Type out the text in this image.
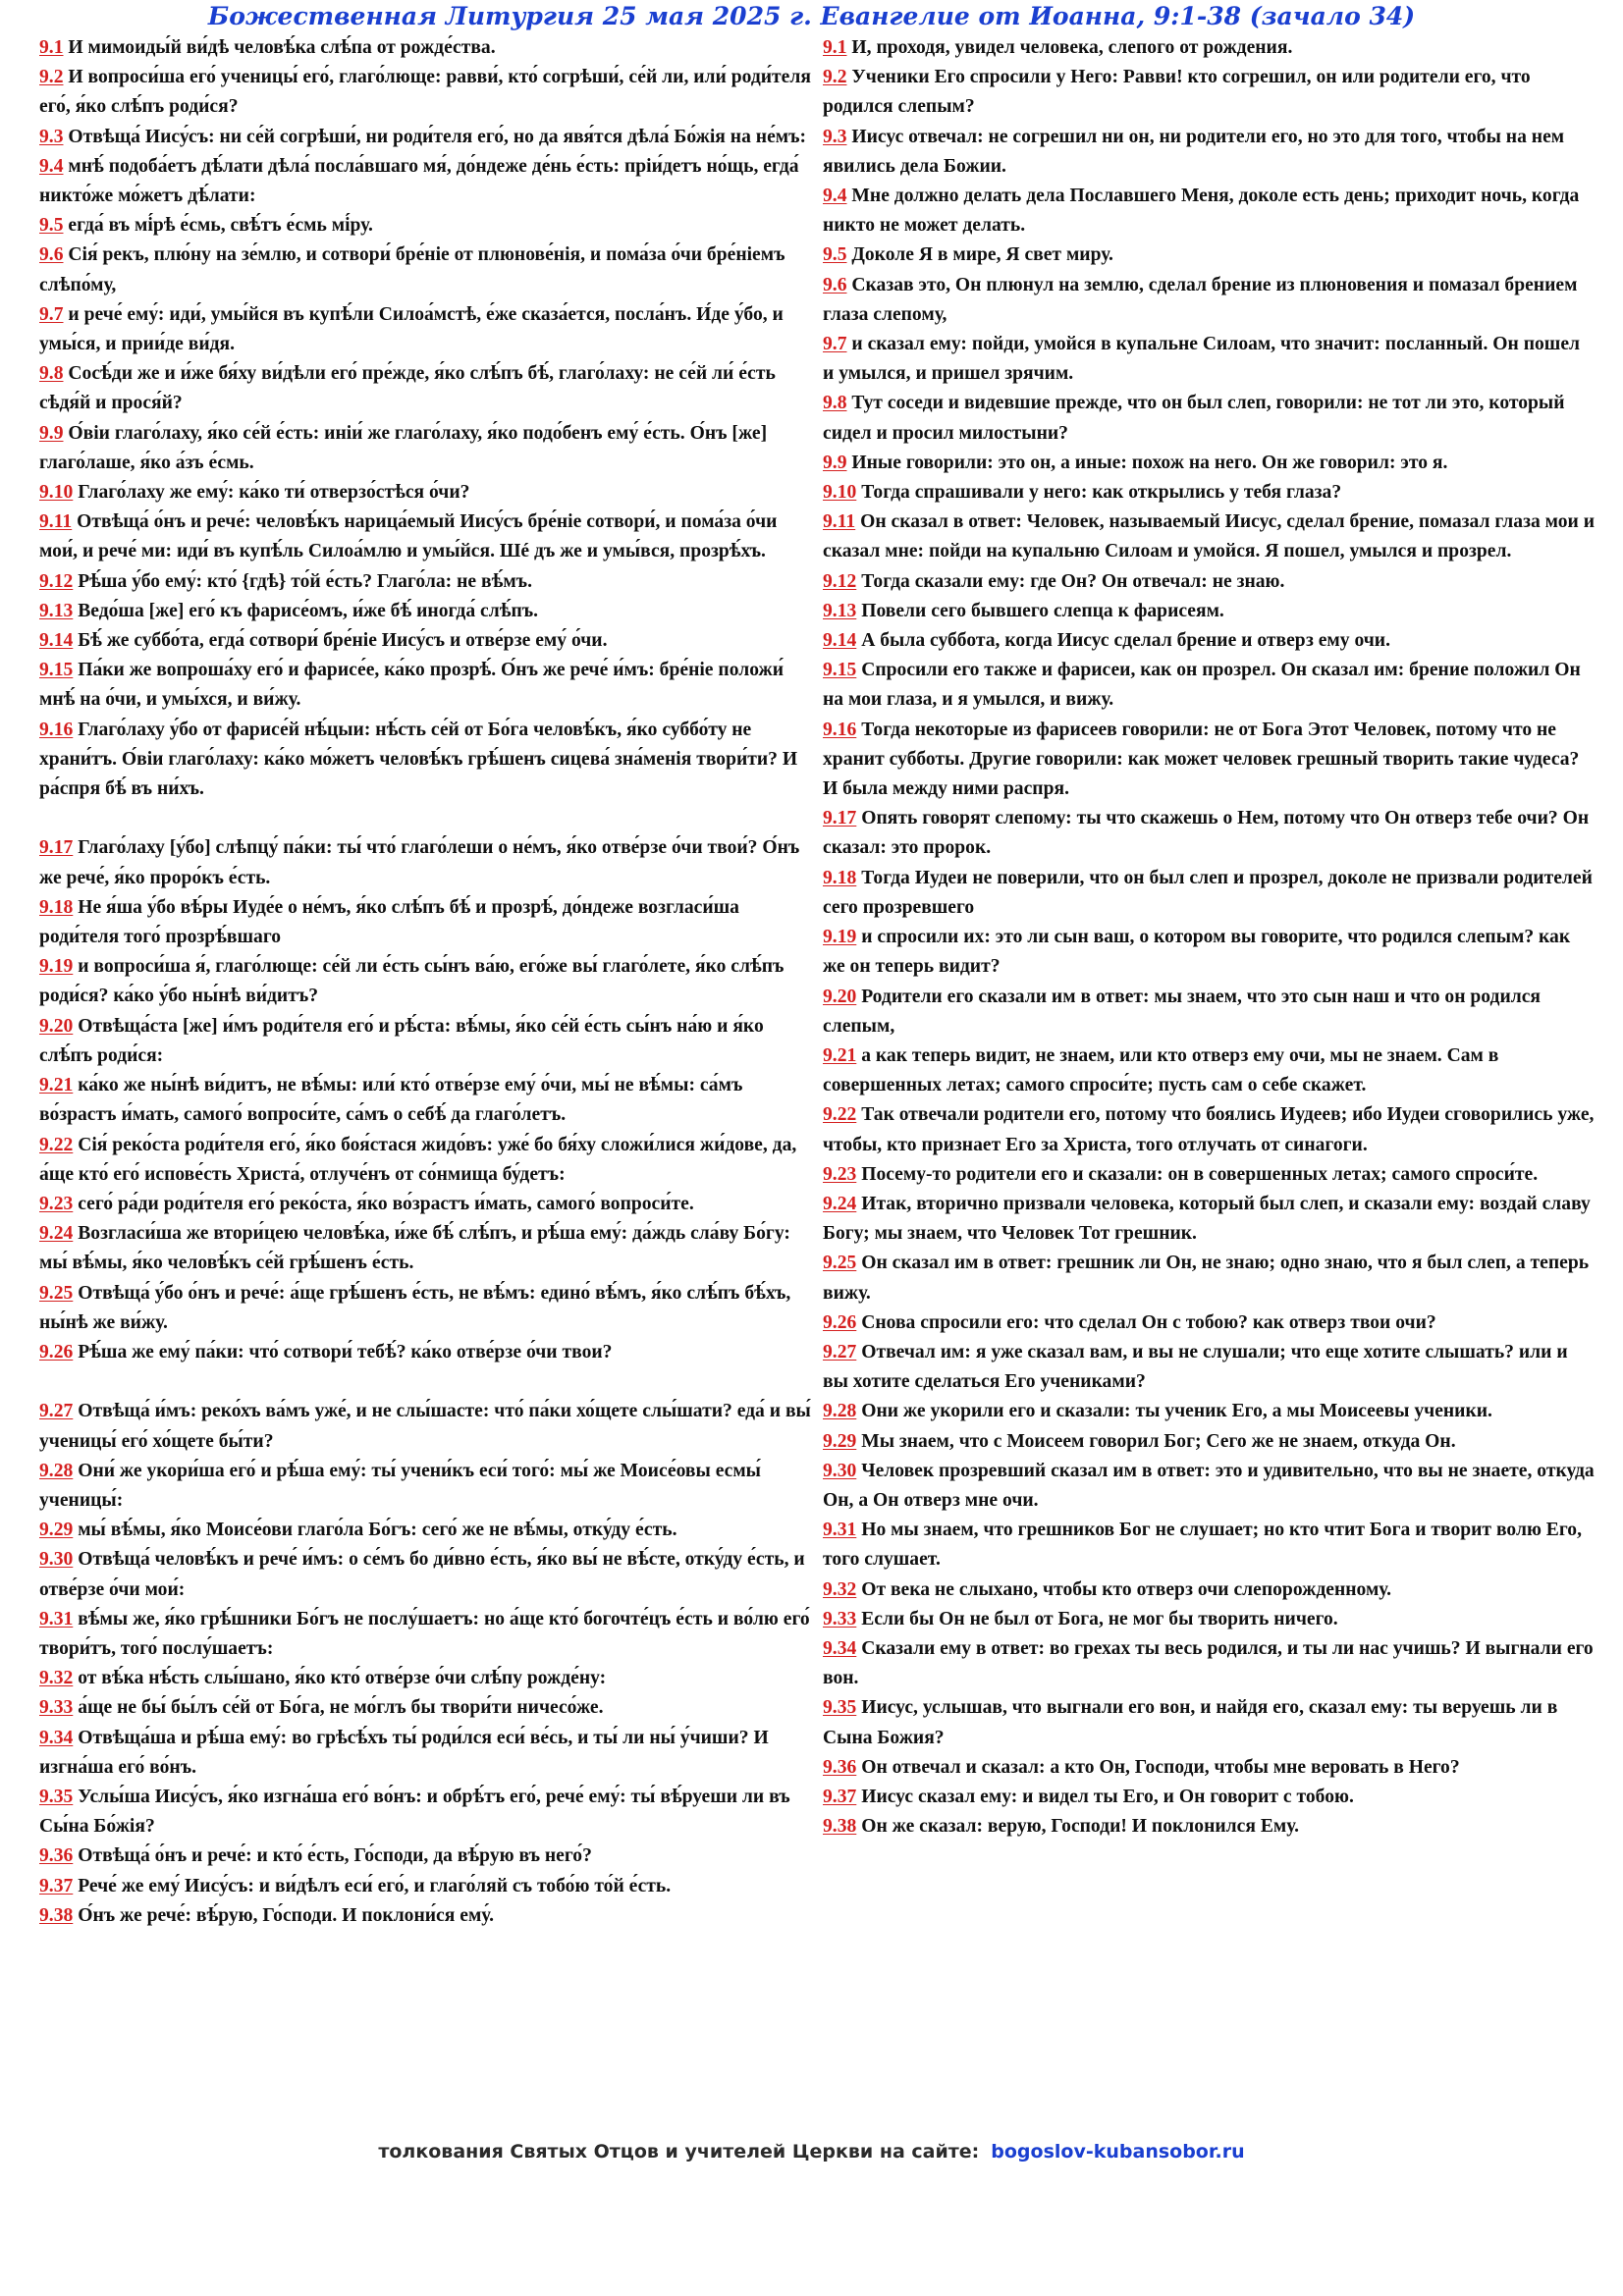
Божественная Литургия 25 мая 2025 г. Евангелие от Иоанна, 9:1-38 (зачало 34)

9.1 И мимоиды́й ви́дѣ человѣ́ка слѣ́па от рожде́ства.

9.2 И вопроси́ша его́ ученицы́ его́, глаго́люще: равви́, кто́ согрѣши́, се́й ли, или́ роди́теля его́, я́ко слѣ́пъ роди́ся?

9.3 Отвѣща́ Иису́съ: ни се́й согрѣши́, ни роди́теля его́, но да явя́тся дѣла́ Бо́жія на не́мъ:

9.4 мнѣ́ подоба́етъ дѣ́лати дѣла́ посла́вшаго мя́, до́ндеже де́нь е́сть: пріи́детъ но́щь, егда́ никто́же мо́жетъ дѣ́лати:

9.5 егда́ въ мі́рѣ е́смь, свѣ́тъ е́смь мі́ру.

9.6 Сія́ рекъ, плю́ну на зе́млю, и сотвори́ бре́ніе от плюнове́нія, и пома́за о́чи бре́ніемъ слѣпо́му,

9.7 и рече́ ему́: иди́, умы́йся въ купѣ́ли Силоа́мстѣ, е́же сказа́ется, посла́нъ. И́де у́бо, и умы́ся, и прии́де ви́дя.

9.8 Сосѣ́ди же и и́же бя́ху ви́дѣли его́ пре́жде, я́ко слѣ́пъ бѣ́, глаго́лаху: не се́й ли́ е́сть сѣдя́й и прося́й?

9.9 О́віи глаго́лаху, я́ко се́й е́сть: иніи́ же глаго́лаху, я́ко подо́бенъ ему́ е́сть. О́нъ [же] глаго́лаше, я́ко а́зъ е́смь.

9.10 Глаго́лаху же ему́: ка́ко ти́ отверзо́стѣся о́чи?

9.11 Отвѣща́ о́нъ и рече́: человѣ́къ нарица́емый Иису́съ бре́ніе сотвори́, и пома́за о́чи мои́, и рече́ ми: иди́ въ купѣ́ль Силоа́млю и умы́йся. Шé дъ же и умы́вся, прозрѣ́хъ.

9.12 Рѣ́ша у́бо ему́: кто́ {гдѣ} то́й е́сть? Глаго́ла: не вѣ́мъ.

9.13 Ведо́ша [же] его́ къ фарисе́омъ, и́же бѣ́ иногда́ слѣ́пъ.

9.14 Бѣ́ же суббо́та, егда́ сотвори́ бре́ніе Иису́съ и отве́рзе ему́ о́чи.

9.15 Па́ки же вопроша́ху его́ и фарисе́е, ка́ко прозрѣ́. О́нъ же рече́ и́мъ: бре́ніе положи́ мнѣ́ на о́чи, и умы́хся, и ви́жу.

9.16 Глаго́лаху у́бо от фарисе́й нѣ́цыи: нѣ́сть се́й от Бо́га человѣ́къ, я́ко суббо́ту не храни́тъ. О́віи глаго́лаху: ка́ко мо́жетъ человѣ́къ грѣ́шенъ сицева́ зна́менія твори́ти? И ра́спря бѣ́ въ ни́хъ.

9.17 Глаго́лаху [у́бо] слѣпцу́ па́ки: ты́ что́ глаго́леши о не́мъ, я́ко отве́рзе о́чи твои́? О́нъ же рече́, я́ко проро́къ е́сть.

9.18 Не я́ша у́бо вѣ́ры Иуде́е о не́мъ, я́ко слѣ́пъ бѣ́ и прозрѣ́, до́ндеже возгласи́ша роди́теля того́ прозрѣ́вшаго

9.19 и вопроси́ша я́, глаго́люще: се́й ли е́сть сы́нъ ва́ю, его́же вы́ глаго́лете, я́ко слѣ́пъ роди́ся? ка́ко у́бо ны́нѣ ви́дитъ?

9.20 Отвѣща́ста [же] и́мъ роди́теля его́ и рѣ́ста: вѣ́мы, я́ко се́й е́сть сы́нъ на́ю и я́ко слѣ́пъ роди́ся:

9.21 ка́ко же ны́нѣ ви́дитъ, не вѣ́мы: или́ кто́ отве́рзе ему́ о́чи, мы́ не вѣ́мы: са́мъ во́зрастъ и́мать, самого́ вопроси́те, са́мъ о себѣ́ да глаго́летъ.

9.22 Сія́ реко́ста роди́теля его́, я́ко боя́стася жидо́въ: уже́ бо бя́ху сложи́лися жи́дове, да, а́ще кто́ его́ испове́сть Христа́, отлуче́нъ от со́нмища бу́детъ:

9.23 сего́ ра́ди роди́теля его́ реко́ста, я́ко во́зрастъ и́мать, самого́ вопроси́те.

9.24 Возгласи́ша же втори́цею человѣ́ка, и́же бѣ́ слѣ́пъ, и рѣ́ша ему́: да́ждь сла́ву Бо́гу: мы́ вѣ́мы, я́ко человѣ́къ се́й грѣ́шенъ е́сть.

9.25 Отвѣща́ у́бо о́нъ и рече́: а́ще грѣ́шенъ е́сть, не вѣ́мъ: едино́ вѣ́мъ, я́ко слѣ́пъ бѣ́хъ, ны́нѣ же ви́жу.

9.26 Рѣ́ша же ему́ па́ки: что́ сотвори́ тебѣ́? ка́ко отве́рзе о́чи твои?

9.27 Отвѣща́ и́мъ: реко́хъ ва́мъ уже́, и не слы́шасте: что́ па́ки хо́щете слы́шати? еда́ и вы́ ученицы́ его́ хо́щете бы́ти?

9.28 Они́ же укори́ша его́ и рѣ́ша ему́: ты́ учени́къ еси́ того́: мы́ же Моисе́овы есмы́ ученицы́:

9.29 мы́ вѣ́мы, я́ко Моисе́ови глаго́ла Бо́гъ: сего́ же не вѣ́мы, отку́ду е́сть.

9.30 Отвѣща́ человѣ́къ и рече́ и́мъ: о се́мъ бо ди́вно е́сть, я́ко вы́ не вѣ́сте, отку́ду е́сть, и отве́рзе о́чи мои́:

9.31 вѣ́мы же, я́ко грѣ́шники Бо́гъ не послу́шаетъ: но а́ще кто́ богочте́цъ е́сть и во́лю его́ твори́тъ, того́ послу́шаетъ:

9.32 от вѣ́ка нѣ́сть слы́шано, я́ко кто́ отве́рзе о́чи слѣ́пу рожде́ну:

9.33 а́ще не бы́ бы́лъ се́й от Бо́га, не мо́глъ бы твори́ти ничесо́же.

9.34 Отвѣща́ша и рѣ́ша ему́: во грѣсѣ́хъ ты́ роди́лся еси́ ве́сь, и ты́ ли ны́ у́чиши? И изгна́ша его́ во́нъ.

9.35 Услы́ша Иису́съ, я́ко изгна́ша его́ во́нъ: и обрѣ́тъ его́, рече́ ему́: ты́ вѣ́руеши ли въ Сы́на Бо́жія?

9.36 Отвѣща́ о́нъ и рече́: и кто́ е́сть, Го́споди, да вѣ́рую въ него́?

9.37 Рече́ же ему́ Иису́съ: и ви́дѣлъ еси́ его́, и глаго́ляй съ тобо́ю то́й е́сть.

9.38 О́нъ же рече́: вѣ́рую, Го́споди. И поклони́ся ему́.

9.1 И, проходя, увидел человека, слепого от рождения.

9.2 Ученики Его спросили у Него: Равви! кто согрешил, он или родители его, что родился слепым?

9.3 Иисус отвечал: не согрешил ни он, ни родители его, но это для того, чтобы на нем явились дела Божии.

9.4 Мне должно делать дела Пославшего Меня, доколе есть день; приходит ночь, когда никто не может делать.

9.5 Доколе Я в мире, Я свет миру.

9.6 Сказав это, Он плюнул на землю, сделал брение из плюновения и помазал брением глаза слепому,

9.7 и сказал ему: пойди, умойся в купальне Силоам, что значит: посланный. Он пошел и умылся, и пришел зрячим.

9.8 Тут соседи и видевшие прежде, что он был слеп, говорили: не тот ли это, который сидел и просил милостыни?

9.9 Иные говорили: это он, а иные: похож на него. Он же говорил: это я.

9.10 Тогда спрашивали у него: как открылись у тебя глаза?

9.11 Он сказал в ответ: Человек, называемый Иисус, сделал брение, помазал глаза мои и сказал мне: пойди на купальню Силоам и умойся. Я пошел, умылся и прозрел.

9.12 Тогда сказали ему: где Он? Он отвечал: не знаю.

9.13 Повели сего бывшего слепца к фарисеям.

9.14 А была суббота, когда Иисус сделал брение и отверз ему очи.

9.15 Спросили его также и фарисеи, как он прозрел. Он сказал им: брение положил Он на мои глаза, и я умылся, и вижу.

9.16 Тогда некоторые из фарисеев говорили: не от Бога Этот Человек, потому что не хранит субботы. Другие говорили: как может человек грешный творить такие чудеса? И была между ними распря.

9.17 Опять говорят слепому: ты что скажешь о Нем, потому что Он отверз тебе очи? Он сказал: это пророк.

9.18 Тогда Иудеи не поверили, что он был слеп и прозрел, доколе не призвали родителей сего прозревшего

9.19 и спросили их: это ли сын ваш, о котором вы говорите, что родился слепым? как же он теперь видит?

9.20 Родители его сказали им в ответ: мы знаем, что это сын наш и что он родился слепым,

9.21 а как теперь видит, не знаем, или кто отверз ему очи, мы не знаем. Сам в совершенных летах; самого спроси́те; пусть сам о себе скажет.

9.22 Так отвечали родители его, потому что боялись Иудеев; ибо Иудеи сговорились уже, чтобы, кто признает Его за Христа, того отлучать от синагоги.

9.23 Посему-то родители его и сказали: он в совершенных летах; самого спроси́те.

9.24 Итак, вторично призвали человека, который был слеп, и сказали ему: воздай славу Богу; мы знаем, что Человек Тот грешник.

9.25 Он сказал им в ответ: грешник ли Он, не знаю; одно знаю, что я был слеп, а теперь вижу.

9.26 Снова спросили его: что сделал Он с тобою? как отверз твои очи?

9.27 Отвечал им: я уже сказал вам, и вы не слушали; что еще хотите слышать? или и вы хотите сделаться Его учениками?

9.28 Они же укорили его и сказали: ты ученик Его, а мы Моисеевы ученики.

9.29 Мы знаем, что с Моисеем говорил Бог; Сего же не знаем, откуда Он.

9.30 Человек прозревший сказал им в ответ: это и удивительно, что вы не знаете, откуда Он, а Он отверз мне очи.

9.31 Но мы знаем, что грешников Бог не слушает; но кто чтит Бога и творит волю Его, того слушает.

9.32 От века не слыхано, чтобы кто отверз очи слепорожденному.

9.33 Если бы Он не был от Бога, не мог бы творить ничего.

9.34 Сказали ему в ответ: во грехах ты весь родился, и ты ли нас учишь? И выгнали его вон.

9.35 Иисус, услышав, что выгнали его вон, и найдя его, сказал ему: ты веруешь ли в Сына Божия?

9.36 Он отвечал и сказал: а кто Он, Господи, чтобы мне веровать в Него?

9.37 Иисус сказал ему: и видел ты Его, и Он говорит с тобою.

9.38 Он же сказал: верую, Господи! И поклонился Ему.

толкования Святых Отцов и учителей Церкви на сайте: bogoslov-kubansobor.ru
